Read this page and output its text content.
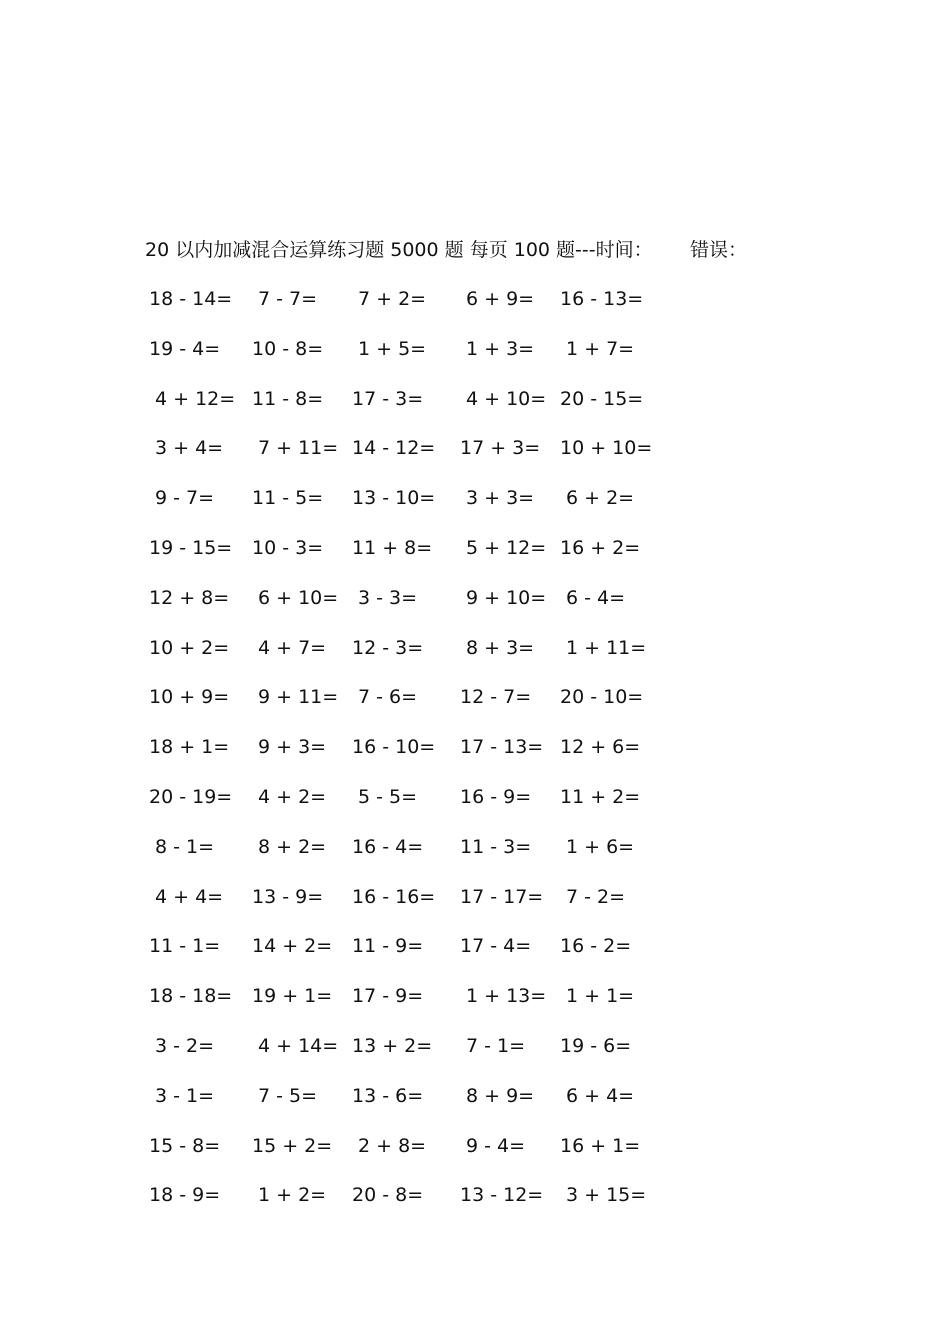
20 以内加减混合运算练习题 5000 题 每页 100 题---时间： 错误：
18 - 14= 7 - 7= 7 + 2= 6 + 9= 16 - 13=
19 - 4= 10 - 8= 1 + 5= 1 + 3= 1 + 7=
4 + 12= 11 - 8= 17 - 3= 4 + 10= 20 - 15=
3 + 4= 7 + 11= 14 - 12= 17 + 3= 10 + 10=
9 - 7= 11 - 5= 13 - 10= 3 + 3= 6 + 2=
19 - 15= 10 - 3= 11 + 8= 5 + 12= 16 + 2=
12 + 8= 6 + 10= 3 - 3=	9 + 10= 6 - 4=
10 + 2= 4 + 7= 12 - 3= 8 + 3= 1 + 11=
10 + 9= 9 + 11= 7 - 6= 12 - 7= 20 - 10=
18 + 1= 9 + 3= 16 - 10= 17 - 13= 12 + 6=
20 - 19= 4 + 2= 5 - 5= 16 - 9= 11 + 2=
8 - 1= 8 + 2= 16 - 4= 11 - 3= 1 + 6=
4 + 4= 13 - 9= 16 - 16= 17 - 17= 7 - 2=
11 - 1= 14 + 2= 11 - 9= 17 - 4= 16 - 2=
18 - 18= 19 + 1= 17 - 9= 1 + 13= 1 + 1=
3 - 2= 4 + 14= 13 + 2= 7 - 1= 19 - 6=
3 - 1= 7 - 5= 13 - 6= 8 + 9= 6 + 4=
15 - 8= 15 + 2= 2 + 8= 9 - 4= 16 + 1=
18 - 9= 1 + 2= 20 - 8= 13 - 12= 3 + 15=
